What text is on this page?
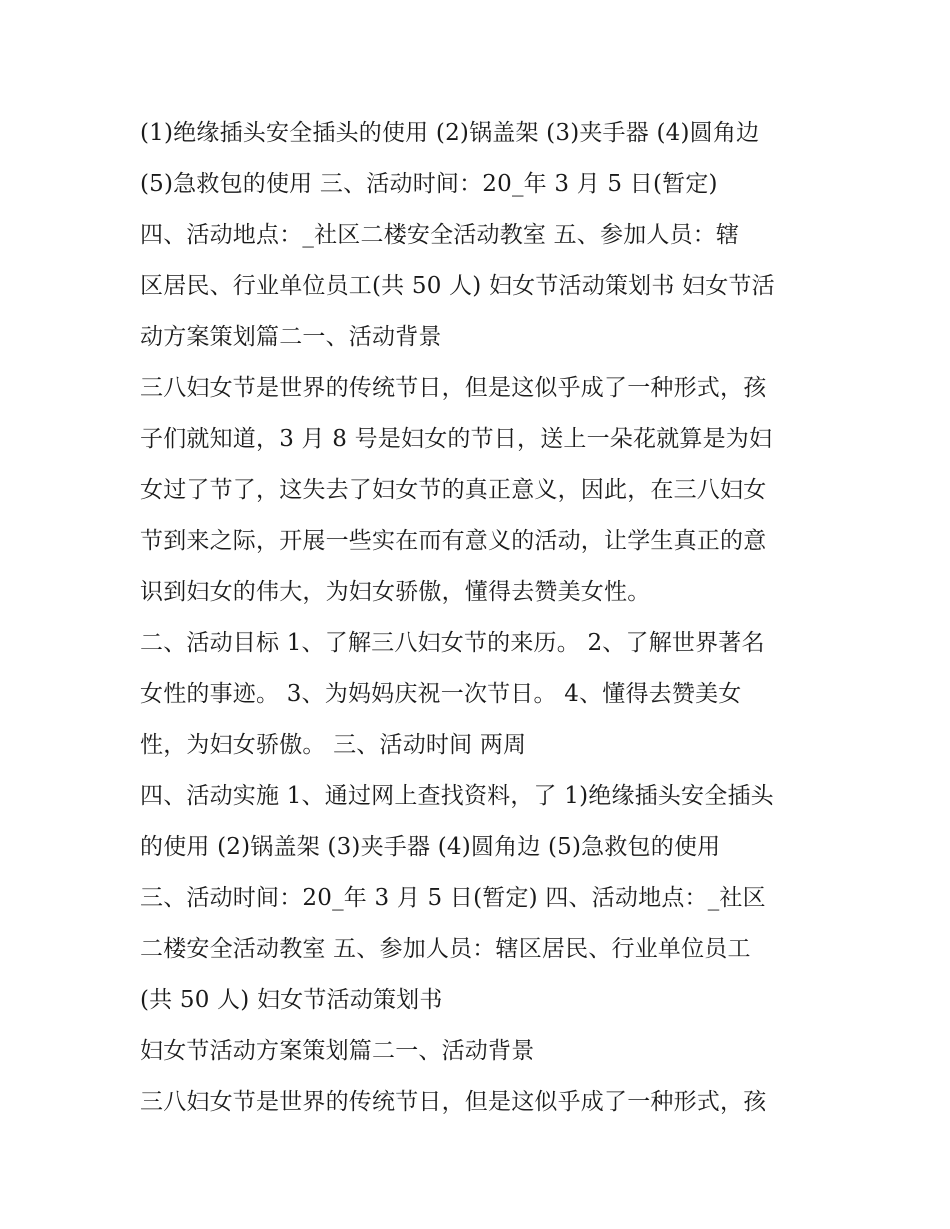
(1)绝缘插头安全插头的使用 (2)锅盖架 (3)夹手器 (4)圆角边
(5)急救包的使用 三、活动时间：20_年 3 月 5 日(暂定)
四、活动地点：_社区二楼安全活动教室 五、参加人员：辖
区居民、行业单位员工(共 50 人) 妇女节活动策划书 妇女节活
动方案策划篇二一、活动背景
三八妇女节是世界的传统节日，但是这似乎成了一种形式，孩
子们就知道，3 月 8 号是妇女的节日，送上一朵花就算是为妇
女过了节了，这失去了妇女节的真正意义，因此，在三八妇女
节到来之际，开展一些实在而有意义的活动，让学生真正的意
识到妇女的伟大，为妇女骄傲，懂得去赞美女性。
二、活动目标 1、了解三八妇女节的来历。 2、了解世界著名
女性的事迹。 3、为妈妈庆祝一次节日。 4、懂得去赞美女
性，为妇女骄傲。 三、活动时间 两周
四、活动实施 1、通过网上查找资料，了 1)绝缘插头安全插头
的使用 (2)锅盖架 (3)夹手器 (4)圆角边 (5)急救包的使用
三、活动时间：20_年 3 月 5 日(暂定) 四、活动地点：_社区
二楼安全活动教室 五、参加人员：辖区居民、行业单位员工
(共 50 人) 妇女节活动策划书
妇女节活动方案策划篇二一、活动背景
三八妇女节是世界的传统节日，但是这似乎成了一种形式，孩
